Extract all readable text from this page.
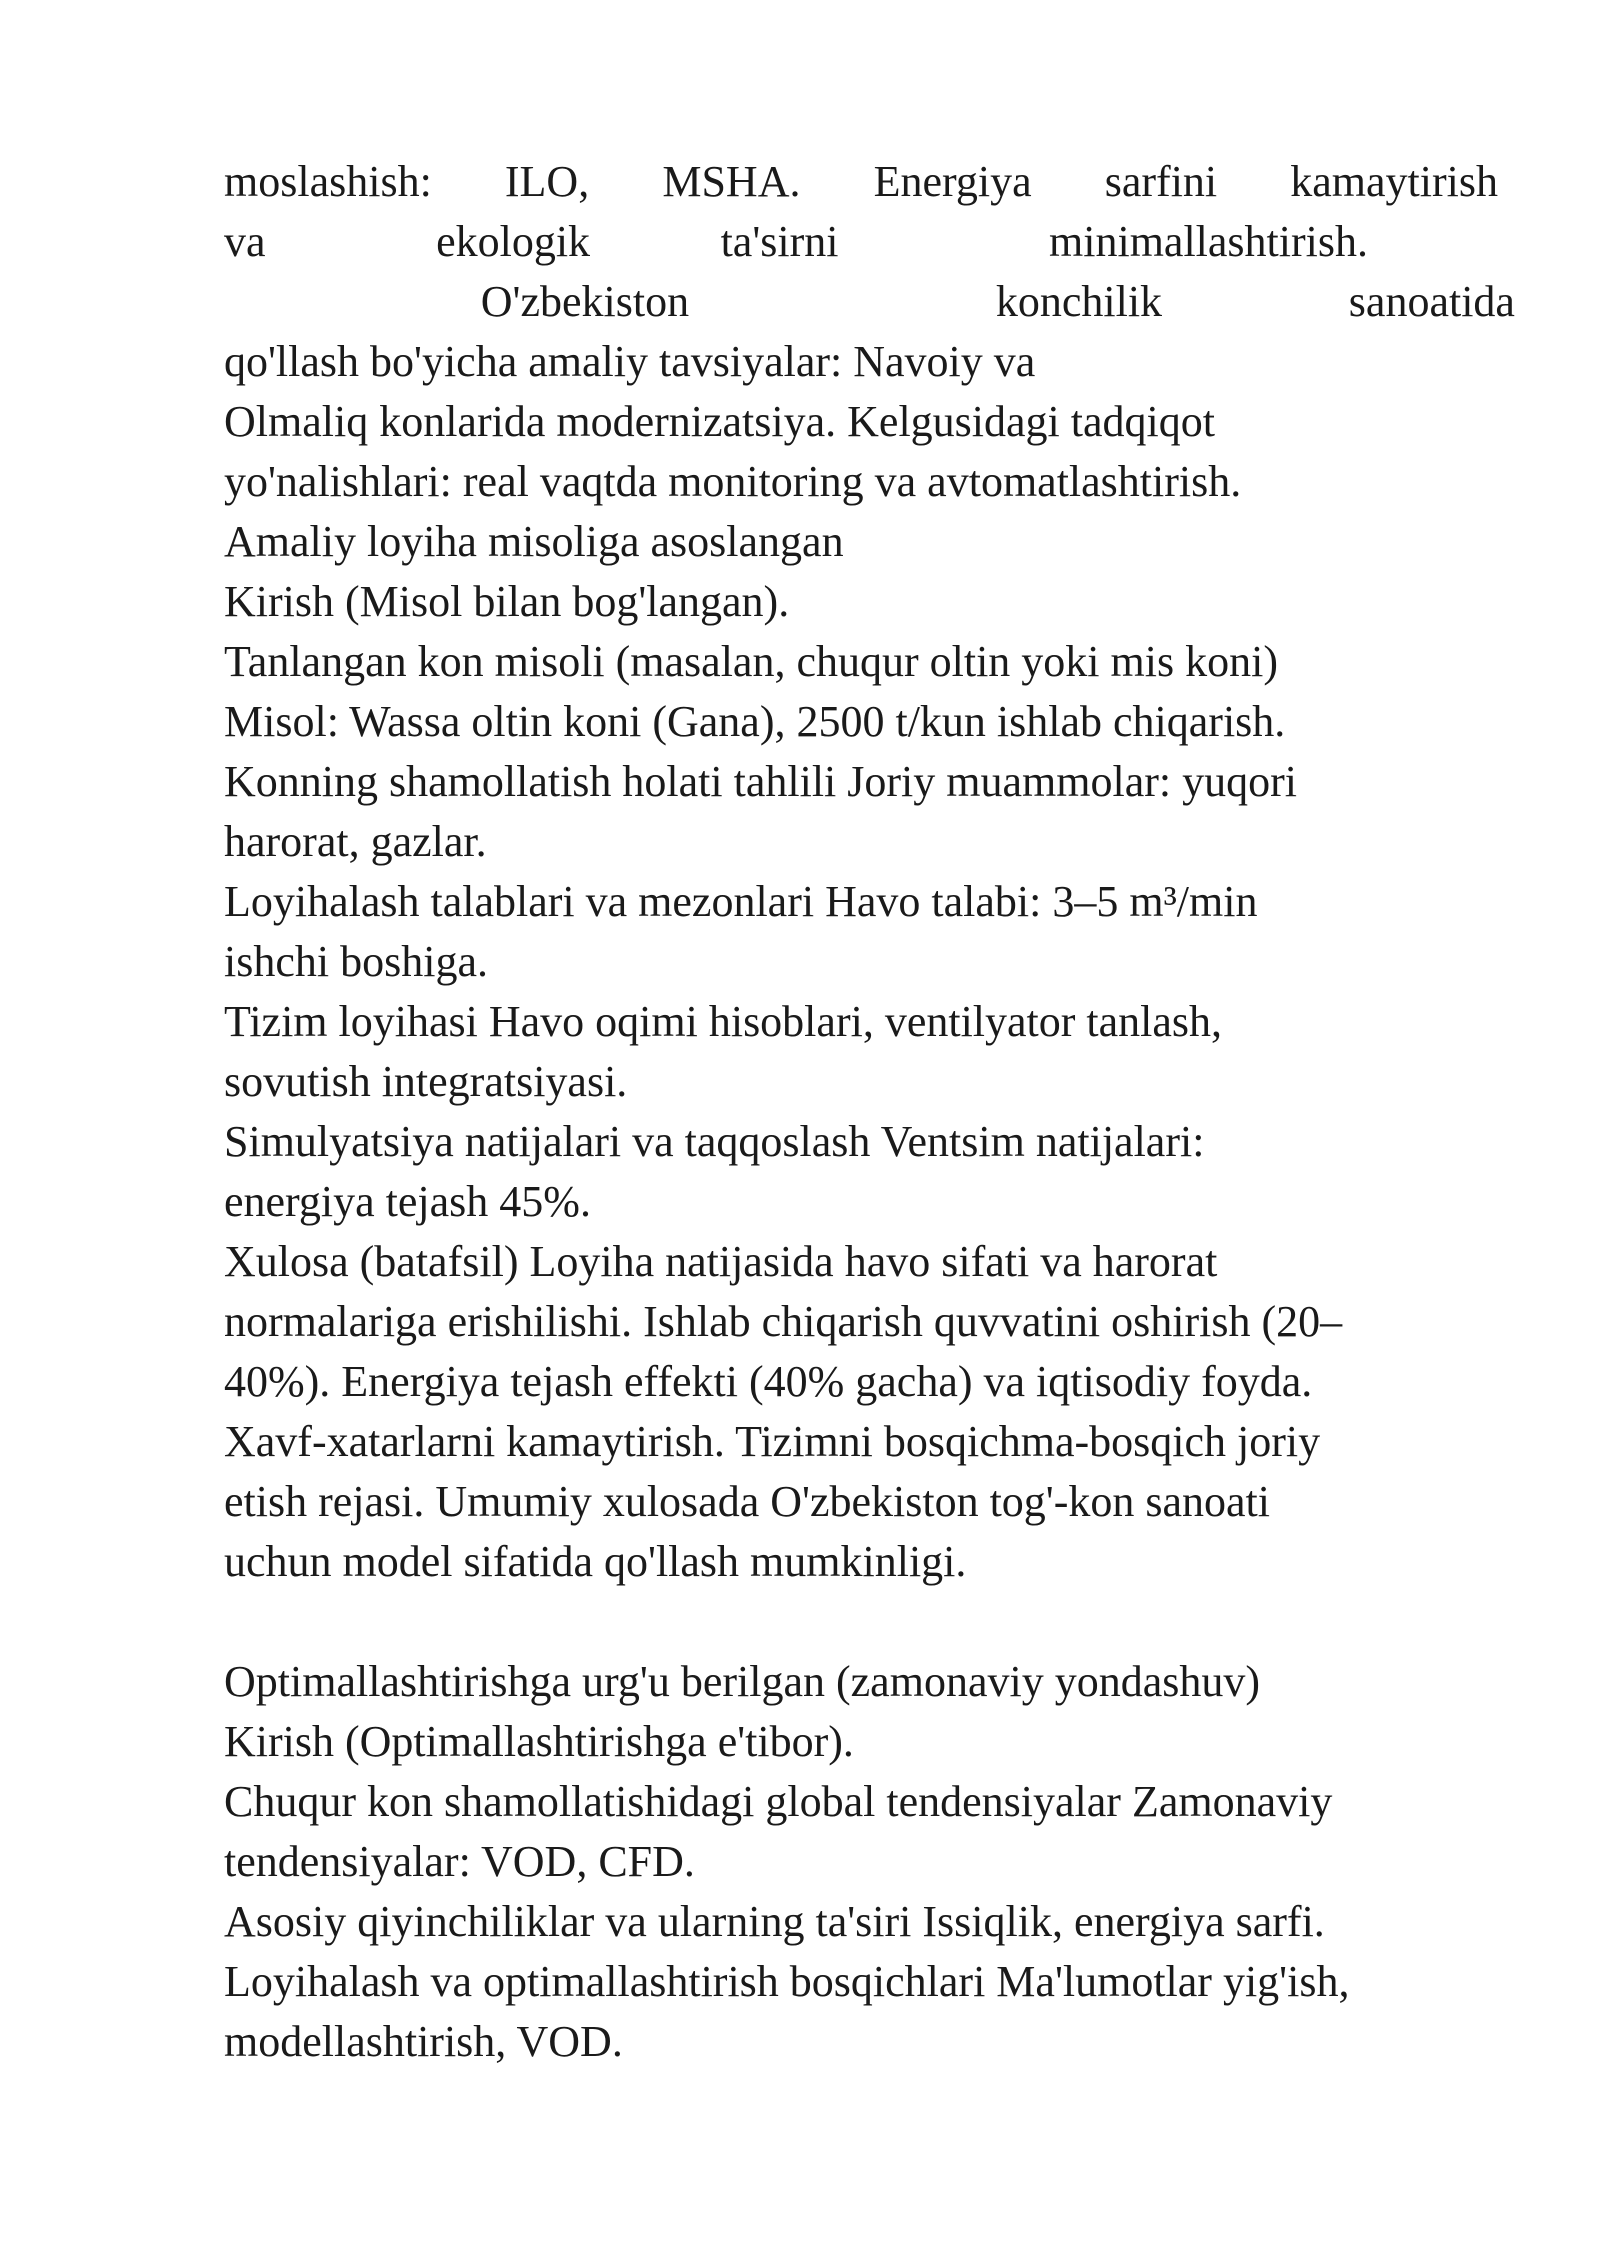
moslashish: ILO, MSHA. Energiya sarfini kamaytirish
va	ekologik	ta'sirni	minimallashtirish.
O'zbekiston	konchilik	sanoatida
qo'llash bo'yicha amaliy tavsiyalar: Navoiy va
Olmaliq konlarida modernizatsiya. Kelgusidagi tadqiqot
yo'nalishlari: real vaqtda monitoring va avtomatlashtirish.
Amaliy loyiha misoliga asoslangan
Kirish (Misol bilan bog'langan).
Tanlangan kon misoli (masalan, chuqur oltin yoki mis koni)
Misol: Wassa oltin koni (Gana), 2500 t/kun ishlab chiqarish.
Konning shamollatish holati tahlili Joriy muammolar: yuqori
harorat, gazlar.
Loyihalash talablari va mezonlari Havo talabi: 3–5 m³/min
ishchi boshiga.
Tizim loyihasi Havo oqimi hisoblari, ventilyator tanlash,
sovutish integratsiyasi.
Simulyatsiya natijalari va taqqoslash Ventsim natijalari:
energiya tejash 45%.
Xulosa (batafsil) Loyiha natijasida havo sifati va harorat
normalariga erishilishi. Ishlab chiqarish quvvatini oshirish (20–
40%). Energiya tejash effekti (40% gacha) va iqtisodiy foyda.
Xavf-xatarlarni kamaytirish. Tizimni bosqichma-bosqich joriy
etish rejasi. Umumiy xulosada O'zbekiston tog'-kon sanoati
uchun model sifatida qo'llash mumkinligi.
Optimallashtirishga urg'u berilgan (zamonaviy yondashuv)
Kirish (Optimallashtirishga e'tibor).
Chuqur kon shamollatishidagi global tendensiyalar Zamonaviy
tendensiyalar: VOD, CFD.
Asosiy qiyinchiliklar va ularning ta'siri Issiqlik, energiya sarfi.
Loyihalash va optimallashtirish bosqichlari Ma'lumotlar yig'ish,
modellashtirish, VOD.
